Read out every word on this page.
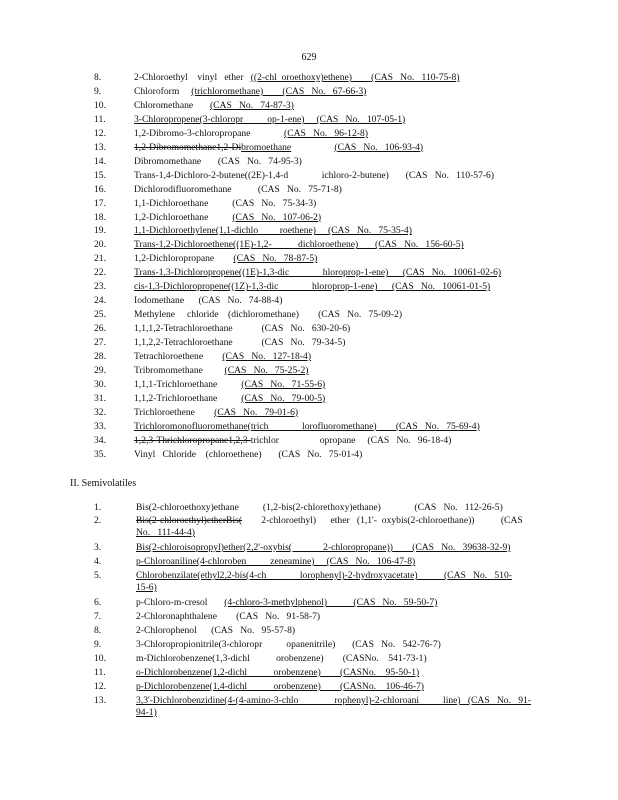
629
8.	2-Chloroethyl    vinyl   ether ((2-chl  oroethoxy)ethene)        (CAS   No.   110-75-8)
9.	Chloroform (trichloromethane)        (CAS   No.   67-66-3)
10.	Chloromethane (CAS   No.   74-87-3)
11.	3-Chloropropene(3-chloropr          op-1-ene)     (CAS   No.   107-05-1)
12.	1,2-Dibromo-3-chloropropane (CAS   No.   96-12-8)
13.	1,2-Dibromomethane1,2-Di bromoethane
	(CAS   No.   106-93-4)
14.	Dibromomethane       (CAS   No.   74-95-3)
15.	Trans-1,4-Dichloro-2-butene((2E)-1,4-d              ichloro-2-butene)       (CAS   No.   110-57-6)
16.	Dichlorodifluoromethane           (CAS   No.   75-71-8)
17.	1,1-Dichloroethane          (CAS   No.   75-34-3)
18.	1,2-Dichloroethane (CAS   No.   107-06-2)
19.	1,1-Dichloroethylene(1,1-dichlo         roethene)     (CAS   No.   75-35-4)
20.	Trans-1,2-Dichloroethene((1E)-1,2-           dichloroethene)       (CAS   No.   156-60-5)
21.	1,2-Dichloropropane (CAS   No.   78-87-5)
22.	Trans-1,3-Dichloropropene((1E)-1,3-dic              hloroprop-1-ene)      (CAS   No.   10061-02-6)
23.	cis-1,3-Dichloropropene((1Z)-1,3-dic              hloroprop-1-ene)      (CAS   No.   10061-01-5)
24.	Iodomethane      (CAS   No.   74-88-4)
25.	Methylene     chloride    (dichloromethane)        (CAS   No.   75-09-2)
26.	1,1,1,2-Tetrachloroethane            (CAS   No.   630-20-6)
27.	1,1,2,2-Tetrachloroethane            (CAS   No.   79-34-5)
28.	Tetrachloroethene (CAS   No.   127-18-4)
29.	Tribromomethane (CAS   No.   75-25-2)
30.	1,1,1-Trichloroethane (CAS   No.   71-55-6)
31.	1,1,2-Trichloroethane (CAS   No.   79-00-5)
32.	Trichloroethene (CAS   No.   79-01-6)
33.	Trichloromonofluoromethane(trich              lorofluoromethane)        (CAS   No.   75-69-4)
34.	1,2,3-Thrichloropropane1,2,3- trichlor                 opropane     (CAS   No.   96-18-4)
35.	Vinyl   Chloride    (chloroethene)       (CAS   No.   75-01-4)
II. Semivolatiles
1.	Bis(2-chloroethoxy)ethane          (1,2-bis(2-chlorethoxy)ethane)              (CAS   No.   112-26-5)
2.	Bis(2-chloroethyl)etherBis(        2-chloroethyl)      ether   (1,1'-  oxybis(2-chloroethane))           (CAS
No.   111-44-4)
3.	Bis(2-chloroisopropyl)ether(2,2'-oxybis(             2-chloropropane))        (CAS   No.   39638-32-9)
4.	p-Chloroaniline(4-chloroben          zeneamine)     (CAS   No.   106-47-8)
5.	Chlorobenzilate(ethyl2,2-bis(4-ch              lorophenyl)-2-hydroxyacetate)           (CAS   No.   510-
15-6)
6.	p-Chloro-m-cresol       (4-chloro-3-methylphenol)           (CAS   No.   59-50-7)
7.	2-Chloronaphthalene        (CAS   No.   91-58-7)
8.	2-Chlorophenol      (CAS   No.   95-57-8)
9.	3-Chloropropionitrile(3-chloropr          opanenitrile)       (CAS   No.   542-76-7)
10.	m-Dichlorobenzene(1,3-dichl           orobenzene)        (CASNo.    541-73-1)
11.	o-Dichlorobenzene(1,2-dichl           orobenzene)        (CASNo.    95-50-1)
12.	p-Dichlorobenzene(1,4-dichl           orobenzene)        (CASNo.    106-46-7)
13.	3,3'-Dichlorobenzidine(4-(4-amino-3-chlo               rophenyl)-2-chloroani          line)   (CAS   No.   91-
94-1)
